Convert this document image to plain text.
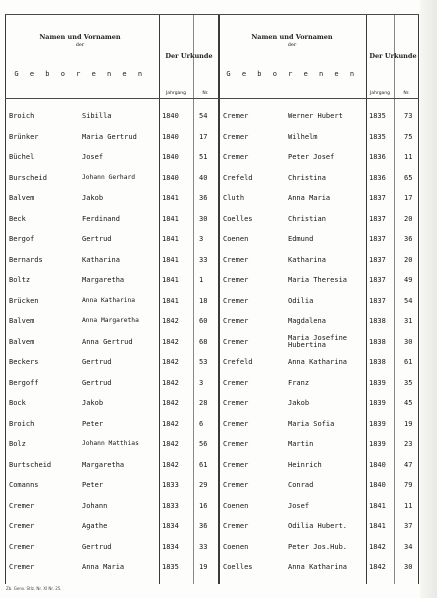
Namen und Vornamen
der
G e b o r e n e n
Der Urkunde
Jahrgang	Nr.
Namen und Vornamen
der
G e b o r e n e n
Der Urkunde
Jahrgang	Nr.
Broich	Sibilla	1840	54 Cremer	Werner Hubert	1835	73
Brünker	Maria Gertrud	1840	17 Cremer	Wilhelm	1835	75
Büchel	Josef	1840	51 Cremer	Peter Josef	1836	11
Burscheid	Johann Gerhard	1840	40 Crefeld	Christina	1836	65
Balvem	Jakob	1841	36 Cluth	Anna Maria	1837	17
Beck	Ferdinand	1841	30 Coelles	Christian	1837	20
Bergof	Gertrud	1841	3	Coenen	Edmund	1837	36
Bernards	Katharina	1841	33 Cremer	Katharina	1837	20
Boltz	Margaretha	1841	1	Cremer	Maria Theresia	1837	49
Brücken	Anna Katharina	1841	18 Cremer	Odilia	1837	54
Balvem	Anna Margaretha	1842	60 Cremer	Magdalena	1838	31
Balvem	Anna Gertrud	1842	68 Cremer	Maria Josefine Hubertina	1838	30
Beckers	Gertrud	1842	53 Crefeld	Anna Katharina	1838	61
Bergoff	Gertrud	1842	3	Cremer	Franz	1839	35
Bock	Jakob	1842	28 Cremer	Jakob	1839	45
Broich	Peter	1842	6	Cremer	Maria Sofia	1839	19
Bolz	Johann Matthias	1842	56 Cremer	Martin	1839	23
Burtscheid	Margaretha	1842	61 Cremer	Heinrich	1840	47
Comanns	Peter	1833	29 Cremer	Conrad	1840	79
Cremer	Johann	1833	16 Coenen	Josef	1841	11
Cremer	Agathe	1834	36 Cremer	Odilia Hubert.	1841	37
Cremer	Gertrud	1834	33 Coenen	Peter Jos.Hub.	1842	34
Cremer	Anna Maria	1835	19 Coelles	Anna Katharina	1842	30
Zb. Genv. Stlz. Nr. XI Nr. 25.
